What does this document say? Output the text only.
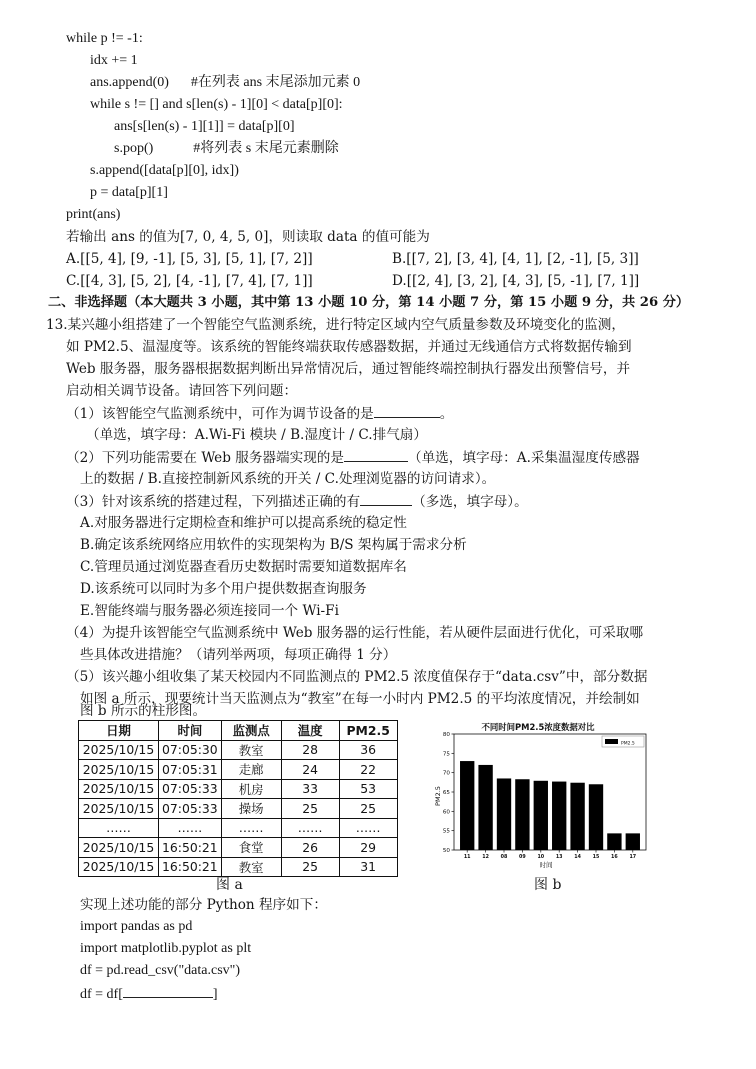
while p != -1:
idx += 1
ans.append(0) #在列表 ans 末尾添加元素 0
while s != [] and s[len(s) - 1][0] < data[p][0]:
ans[s[len(s) - 1][1]] = data[p][0]
s.pop()	#将列表 s 末尾元素删除
s.append([data[p][0], idx])
p = data[p][1]
print(ans)
若输出 ans 的值为[7, 0, 4, 5, 0]，则读取 data 的值可能为
A.[[5, 4], [9, -1], [5, 3], [5, 1], [7, 2]]	B.[[7, 2], [3, 4], [4, 1], [2, -1], [5, 3]]
C.[[4, 3], [5, 2], [4, -1], [7, 4], [7, 1]]	D.[[2, 4], [3, 2], [4, 3], [5, -1], [7, 1]]
二、非选择题（本大题共 3 小题，其中第 13 小题 10 分，第 14 小题 7 分，第 15 小题 9 分，共 26 分）
13.某兴趣小组搭建了一个智能空气监测系统，进行特定区域内空气质量参数及环境变化的监测，
如 PM2.5、温湿度等。该系统的智能终端获取传感器数据，并通过无线通信方式将数据传输到
Web 服务器，服务器根据数据判断出异常情况后，通过智能终端控制执行器发出预警信号，并
启动相关调节设备。请回答下列问题：
（1）该智能空气监测系统中，可作为调节设备的是	。
（单选，填字母：A.Wi-Fi 模块 / B.湿度计 / C.排气扇）
（2）下列功能需要在 Web 服务器端实现的是	（单选，填字母：A.采集温湿度传感器
上的数据 / B.直接控制新风系统的开关 / C.处理浏览器的访问请求）。
（3）针对该系统的搭建过程，下列描述正确的有	（多选，填字母）。
A.对服务器进行定期检查和维护可以提高系统的稳定性
B.确定该系统网络应用软件的实现架构为 B/S 架构属于需求分析
C.管理员通过浏览器查看历史数据时需要知道数据库名
D.该系统可以同时为多个用户提供数据查询服务
E.智能终端与服务器必须连接同一个 Wi-Fi
（4）为提升该智能空气监测系统中 Web 服务器的运行性能，若从硬件层面进行优化，可采取哪
些具体改进措施？（请列举两项，每项正确得 1 分）
（5）该兴趣小组收集了某天校园内不同监测点的 PM2.5 浓度值保存于“data.csv”中，部分数据
如图 a 所示，现要统计当天监测点为“教室”在每一小时内 PM2.5 的平均浓度情况，并绘制如
图 b 所示的柱形图。
日期	时间	监测点	温度	PM2.5
2025/10/15	07:05:30	教室	28	36
2025/10/15	07:05:31	走廊	24	22
2025/10/15	07:05:33	机房	33	53
2025/10/15	07:05:33	操场	25	25
……	……	……	……	……
2025/10/15	16:50:21	食堂	26	29
2025/10/15	16:50:21	教室	25	31
图 a
不同时间PM2.5浓度数据对比
PM2.5
时间
50
55
60
65
70
75
80
11 12 08 09 10 13 14 15 16 17
PM2.5
图 b
实现上述功能的部分 Python 程序如下：
import pandas as pd
import matplotlib.pyplot as plt
df = pd.read_csv("data.csv")
df = df[	]
